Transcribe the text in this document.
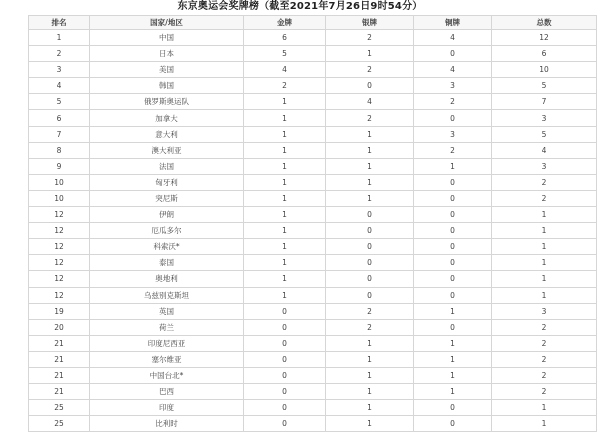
东京奥运会奖牌榜（截至2021年7月26日9时54分）
排名	国家/地区	金牌	银牌	铜牌	总数
1	中国	6	2	4	12
2	日本	5	1	0	6
3	美国	4	2	4	10
4	韩国	2	0	3	5
5	俄罗斯奥运队	1	4	2	7
6	加拿大	1	2	0	3
7	意大利	1	1	3	5
8	澳大利亚	1	1	2	4
9	法国	1	1	1	3
10	匈牙利	1	1	0	2
10	突尼斯	1	1	0	2
12	伊朗	1	0	0	1
12	厄瓜多尔	1	0	0	1
12	科索沃*	1	0	0	1
12	泰国	1	0	0	1
12	奥地利	1	0	0	1
12	乌兹别克斯坦	1	0	0	1
19	英国	0	2	1	3
20	荷兰	0	2	0	2
21	印度尼西亚	0	1	1	2
21	塞尔维亚	0	1	1	2
21	中国台北*	0	1	1	2
21	巴西	0	1	1	2
25	印度	0	1	0	1
25	比利时	0	1	0	1
